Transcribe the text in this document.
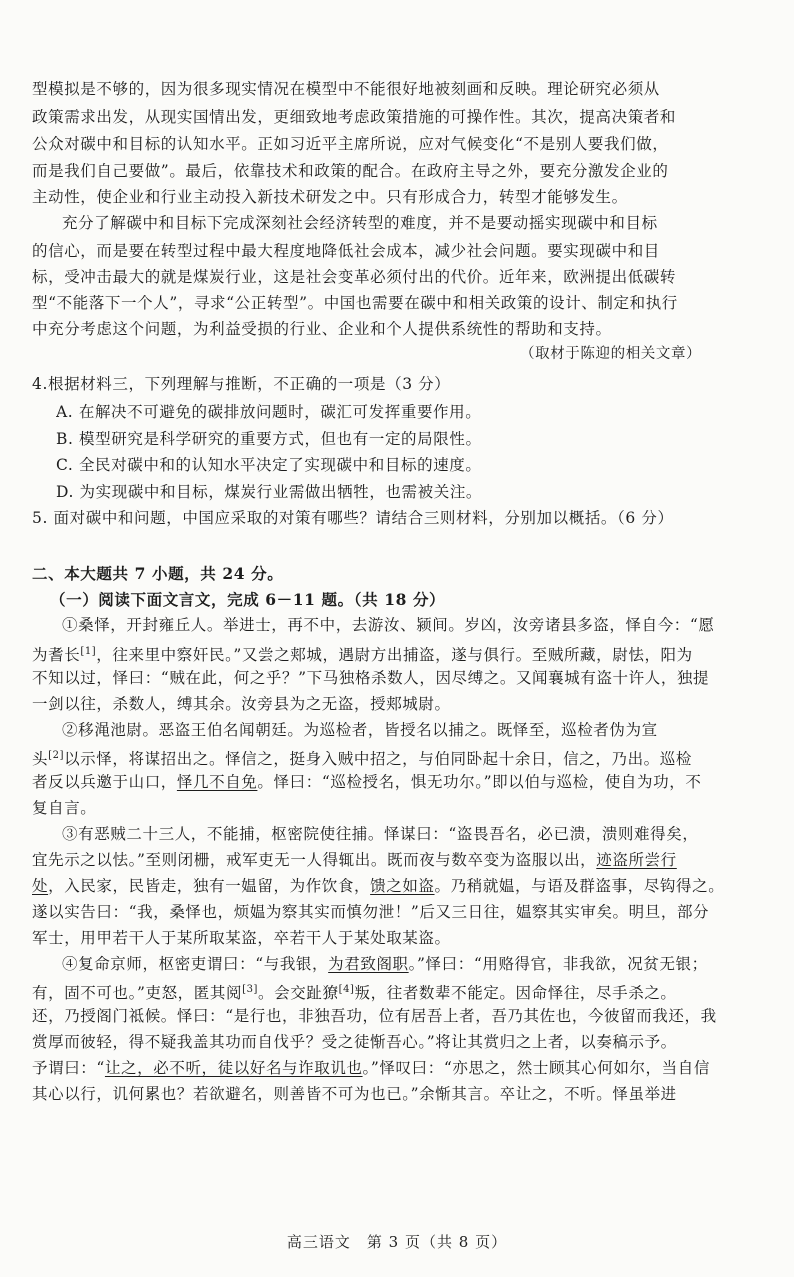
型模拟是不够的，因为很多现实情况在模型中不能很好地被刻画和反映。理论研究必须从
政策需求出发，从现实国情出发，更细致地考虑政策措施的可操作性。其次，提高决策者和
公众对碳中和目标的认知水平。正如习近平主席所说，应对气候变化“不是别人要我们做，
而是我们自己要做”。最后，依靠技术和政策的配合。在政府主导之外，要充分激发企业的
主动性，使企业和行业主动投入新技术研发之中。只有形成合力，转型才能够发生。
充分了解碳中和目标下完成深刻社会经济转型的难度，并不是要动摇实现碳中和目标
的信心，而是要在转型过程中最大程度地降低社会成本，减少社会问题。要实现碳中和目
标，受冲击最大的就是煤炭行业，这是社会变革必须付出的代价。近年来，欧洲提出低碳转
型“不能落下一个人”，寻求“公正转型”。中国也需要在碳中和相关政策的设计、制定和执行
中充分考虑这个问题，为利益受损的行业、企业和个人提供系统性的帮助和支持。
（取材于陈迎的相关文章）
4.根据材料三，下列理解与推断，不正确的一项是（3 分）
A. 在解决不可避免的碳排放问题时，碳汇可发挥重要作用。
B. 模型研究是科学研究的重要方式，但也有一定的局限性。
C. 全民对碳中和的认知水平决定了实现碳中和目标的速度。
D. 为实现碳中和目标，煤炭行业需做出牺牲，也需被关注。
5. 面对碳中和问题，中国应采取的对策有哪些？请结合三则材料，分别加以概括。（6 分）
二、本大题共 7 小题，共 24 分。
（一）阅读下面文言文，完成 6－11 题。（共 18 分）
①桑怿，开封雍丘人。举进士，再不中，去游汝、颍间。岁凶，汝旁诸县多盗，怿自今：“愿
为耆长[1]，往来里中察奸民。”又尝之郏城，遇尉方出捕盗，遂与俱行。至贼所藏，尉怯，阳为
不知以过，怿曰：“贼在此，何之乎？”下马独格杀数人，因尽缚之。又闻襄城有盗十许人，独提
一剑以往，杀数人，缚其余。汝旁县为之无盗，授郏城尉。
②移渑池尉。恶盗王伯名闻朝廷。为巡检者，皆授名以捕之。既怿至，巡检者伪为宣
头[2]以示怿，将谋招出之。怿信之，挺身入贼中招之，与伯同卧起十余日，信之，乃出。巡检
者反以兵邀于山口，怿几不自免。怿曰：“巡检授名，惧无功尔。”即以伯与巡检，使自为功，不
复自言。
③有恶贼二十三人，不能捕，枢密院使往捕。怿谋曰：“盗畏吾名，必已溃，溃则难得矣，
宜先示之以怯。”至则闭栅，戒军吏无一人得辄出。既而夜与数卒变为盗服以出，迹盗所尝行
处，入民家，民皆走，独有一媪留，为作饮食，馈之如盗。乃稍就媪，与语及群盗事，尽钩得之。
遂以实告曰：“我，桑怿也，烦媪为察其实而慎勿泄！”后又三日往，媪察其实审矣。明旦，部分
军士，用甲若干人于某所取某盗，卒若干人于某处取某盗。
④复命京师，枢密吏谓曰：“与我银，为君致阁职。”怿曰：“用赂得官，非我欲，况贫无银；
有，固不可也。”吏怒，匿其阅[3]。会交趾獠[4]叛，往者数辈不能定。因命怿往，尽手杀之。
还，乃授阁门祗候。怿曰：“是行也，非独吾功，位有居吾上者，吾乃其佐也，今彼留而我还，我
赏厚而彼轻，得不疑我盖其功而自伐乎？受之徒惭吾心。”将让其赏归之上者，以奏稿示予。
予谓曰：“让之，必不听，徒以好名与诈取讥也。”怿叹曰：“亦思之，然士顾其心何如尔，当自信
其心以行，讥何累也？若欲避名，则善皆不可为也已。”余惭其言。卒让之，不听。怿虽举进
高三语文　第 3 页（共 8 页）
